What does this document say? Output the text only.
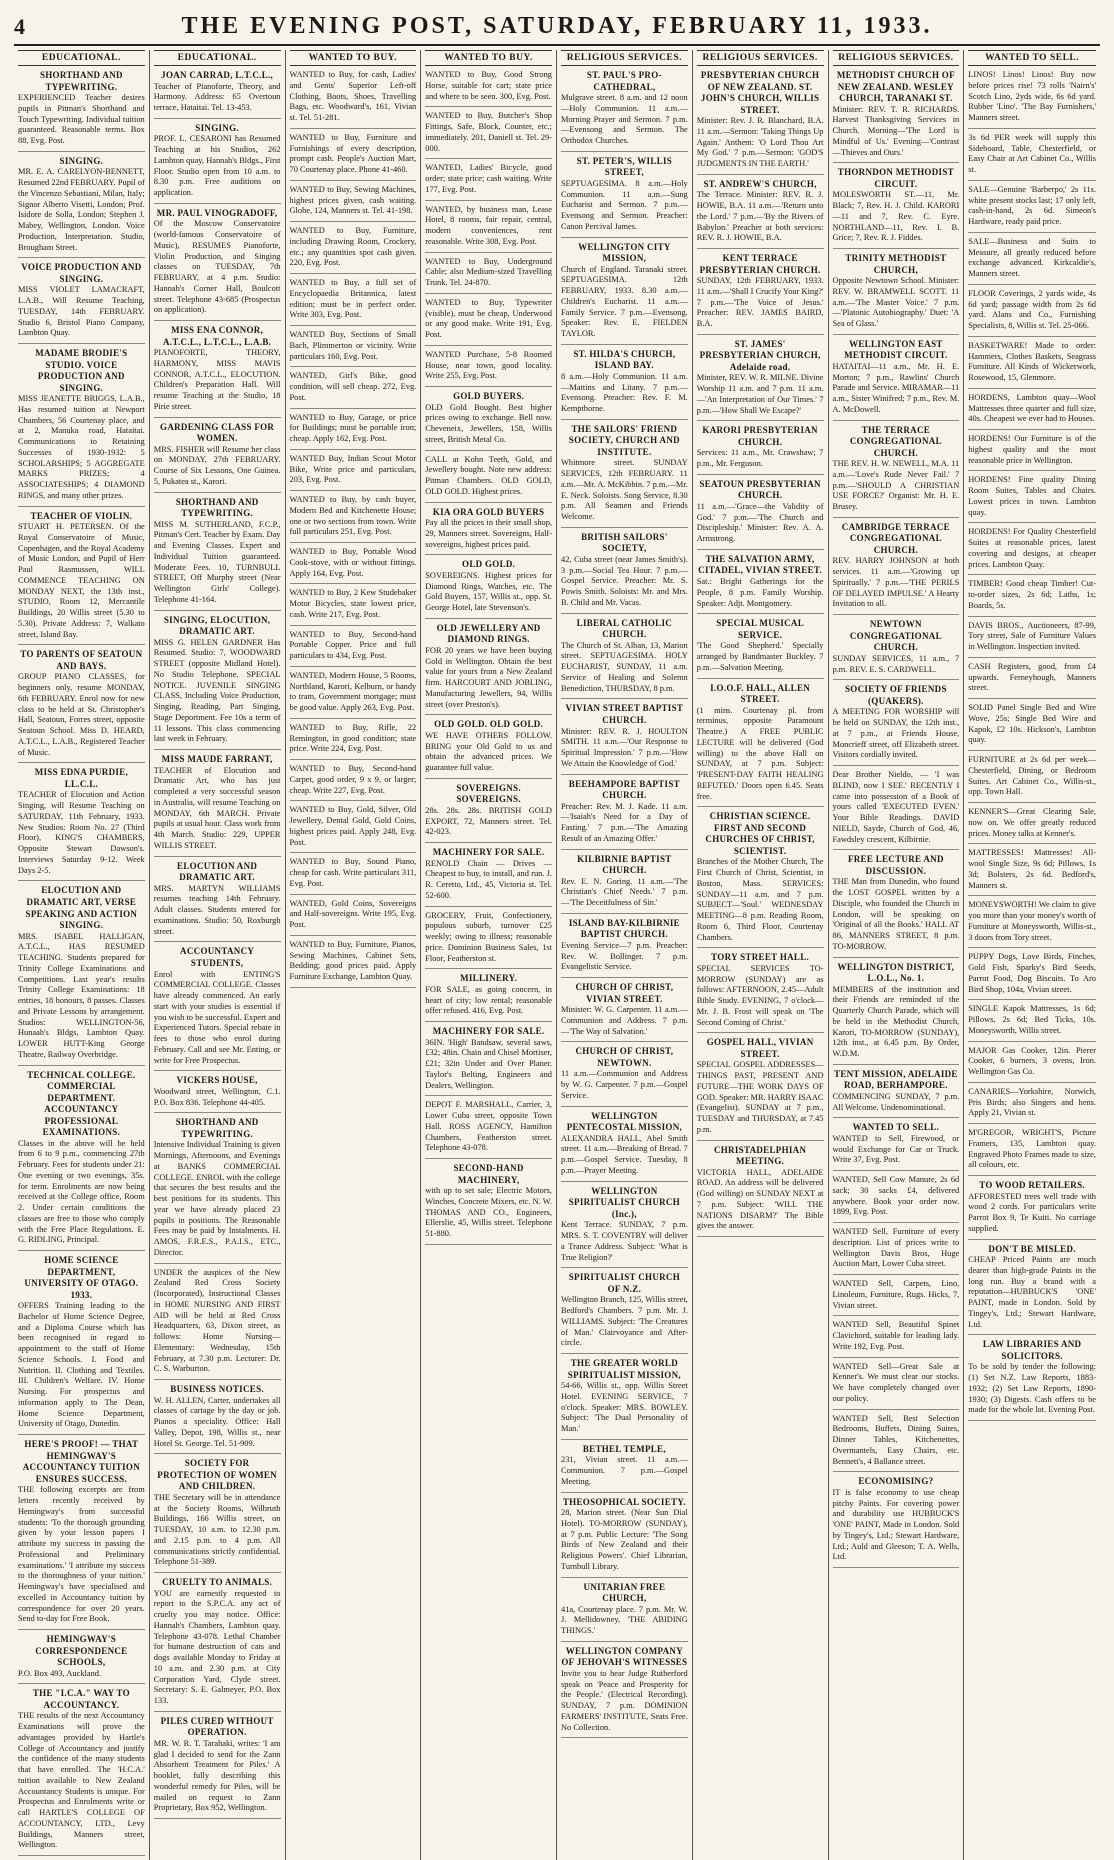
4	THE EVENING POST, SATURDAY, FEBRUARY 11, 1933.
EDUCATIONAL.
SHORTHAND AND TYPEWRITING.
EXPERIENCED Teacher desires pupils in Pitman's Shorthand and Touch Typewriting. Individual tuition guaranteed. Reasonable terms. Box 88, Evg. Post.
SINGING.
MR. E. A. CARELYON-BENNETT, Resumed 22nd FEBRUARY. Pupil of the Vincenzo Sebastiani, Milan, Italy; Signor Alberto Visetti, London; Prof. Isidore de Solla, London; Stephen J. Mabey, Wellington, London. Voice Production, Interpretation. Studio, Brougham Street.
VOICE PRODUCTION AND SINGING.
MISS VIOLET LAMACRAFT, L.A.B., Will Resume Teaching, TUESDAY, 14th FEBRUARY. Studio 6, Bristol Piano Company, Lambton Quay.
MADAME BRODIE'S STUDIO. VOICE PRODUCTION AND SINGING.
MISS JEANETTE BRIGGS, L.A.B., Has resumed tuition at Newport Chambers, 56 Courtenay place, and at 2, Manuka road, Hataitai. Communications to Retaining Successes of 1930-1932: 5 SCHOLARSHIPS; 5 AGGREGATE MARKS PRIZES; 4 ASSOCIATESHIPS; 4 DIAMOND RINGS, and many other prizes.
TEACHER OF VIOLIN.
STUART H. PETERSEN. Of the Royal Conservatoire of Music, Copenhagen, and the Royal Academy of Music London, and Pupil of Herr Paul Rasmussen, WILL COMMENCE TEACHING ON MONDAY NEXT, the 13th inst., STUDIO, Room 12, Mercantile Buildings, 20 Willis street (5.30 to 5.30). Private Address: 7, Walkato street, Island Bay.
TO PARENTS OF SEATOUN AND BAYS.
GROUP PIANO CLASSES, for beginners only, resume MONDAY, 6th FEBRUARY. Enrol now for new class to be held at St. Christopher's Hall, Seatoun, Forres street, opposite Seatoun School. Miss D. HEARD, A.T.C.L., L.A.B., Registered Teacher of Music.
MISS EDNA PURDIE, LL.C.L.
TEACHER of Elocution and Action Singing, will Resume Teaching on SATURDAY, 11th February, 1933. New Studios: Room No. 27 (Third Floor), KING'S CHAMBERS, Opposite Stewart Dawson's. Interviews Saturday 9-12. Week Days 2-5.
ELOCUTION AND DRAMATIC ART, VERSE SPEAKING AND ACTION SINGING.
MRS. ISABEL HALLIGAN, A.T.C.L., HAS RESUMED TEACHING. Students prepared for Trinity College Examinations and Competitions. Last year's results Trinity College Examinations: 18 entries, 18 honours, 8 passes. Classes and Private Lessons by arrangement. Studios: WELLINGTON-56, Hunaah's Bldgs, Lambton Quay. LOWER HUTT-King George Theatre, Railway Overbridge.
TECHNICAL COLLEGE. COMMERCIAL DEPARTMENT. ACCOUNTANCY PROFESSIONAL EXAMINATIONS.
Classes in the above will be held from 6 to 9 p.m., commencing 27th February. Fees for students under 21: One evening or two evenings, 35s. for term. Enrolments are now being received at the College office, Room 2. Under certain conditions the classes are free to those who comply with the Free Place Regulations. E. G. RIDLING, Principal.
HOME SCIENCE DEPARTMENT, UNIVERSITY OF OTAGO. 1933.
OFFERS Training leading to the Bachelor of Home Science Degree, and a Diploma Course which has been recognised in regard to appointment to the staff of Home Science Schools. I. Food and Nutrition. II. Clothing and Textiles. III. Children's Welfare. IV. Home Nursing. For prospectus and information apply to The Dean, Home Science Department, University of Otago, Dunedin.
HERE'S PROOF! — THAT HEMINGWAY'S ACCOUNTANCY TUITION ENSURES SUCCESS.
THE following excerpts are from letters recently received by Hemingway's from successful students: 'To the thorough grounding given by your lesson papers I attribute my success in passing the Professional and Preliminary examinations.' 'I attribute my success to the thoroughness of your tuition.' Hemingway's have specialised and excelled in Accountancy tuition by correspondence for over 20 years. Send to-day for Free Book.
HEMINGWAY'S CORRESPONDENCE SCHOOLS,
P.O. Box 493, Auckland.
THE "I.C.A." WAY TO ACCOUNTANCY.
THE results of the next Accountancy Examinations will prove the advantages provided by Hartle's College of Accountancy and justify the confidence of the many students that have enrolled. The 'H.C.A.' tuition available to New Zealand Accountancy Students is unique. For Prospectus and Enrolments write or call HARTLE'S COLLEGE OF ACCOUNTANCY, LTD., Levy Buildings, Manners street, Wellington.
EDUCATIONAL.
JOAN CARRAD, L.T.C.L.,
Teacher of Pianoforte, Theory, and Harmony. Address: 65 Overtoun terrace, Hataitai. Tel. 13-453.
SINGING.
PROF. L. CESARONI has Resumed Teaching at his Studios, 262 Lambton quay, Hannah's Bldgs., First Floor. Studio open from 10 a.m. to 8.30 p.m. Free auditions on application.
MR. PAUL VINOGRADOFF,
Of the Moscow Conservatoire (world-famous Conservatoire of Music), RESUMES Pianoforte, Violin Production, and Singing classes on TUESDAY, 7th FEBRUARY, at 4 p.m. Studio: Hannah's Corner Hall, Boulcott street. Telephone 43-685 (Prospectus on application).
MISS ENA CONNOR, A.T.C.L., L.T.C.L., L.A.B.
PIANOFORTE, THEORY, HARMONY, MISS MAVIS CONNOR, A.T.C.L., ELOCUTION. Children's Preparation Hall. Will resume Teaching at the Studio, 18 Pirie street.
GARDENING CLASS FOR WOMEN.
MRS. FISHER will Resume her class on MONDAY, 27th FEBRUARY. Course of Six Lessons, One Guinea. 5, Pukatea st., Karori.
SHORTHAND AND TYPEWRITING.
MISS M. SUTHERLAND, F.C.P., Pitman's Cert. Teacher by Exam. Day and Evening Classes. Expert and Individual Tuition guaranteed. Moderate Fees. 10, TURNBULL STREET, Off Murphy street (Near Wellington Girls' College). Telephone 41-164.
SINGING, ELOCUTION, DRAMATIC ART.
MISS G. HELEN GARDNER Has Resumed. Studio: 7, WOODWARD STREET (opposite Midland Hotel). No Studio Telephone. SPECIAL NOTICE. JUVENILE SINGING CLASS, Including Voice Production, Singing, Reading, Part Singing, Stage Deportment. Fee 10s a term of 11 lessons. This class commencing last week in February.
MISS MAUDE FARRANT,
TEACHER of Elocution and Dramatic Art, who has just completed a very successful season in Australia, will resume Teaching on MONDAY, 6th MARCH. Private pupils at usual hour. Class work from 4th March. Studio: 229, UPPER WILLIS STREET.
ELOCUTION AND DRAMATIC ART.
MRS. MARTYN WILLIAMS resumes teaching 14th February. Adult classes. Students entered for examinations. Studio: 50, Roxburgh street.
ACCOUNTANCY STUDENTS,
Enrol with ENTING'S COMMERCIAL COLLEGE. Classes have already commenced. An early start with your studies is essential if you wish to be successful. Expert and Experienced Tutors. Special rebate in fees to those who enrol during February. Call and see Mr. Enting, or write for Free Prospectus.
VICKERS HOUSE,
Woodward street, Wellington, C.1. P.O. Box 836. Telephone 44-405.
SHORTHAND AND TYPEWRITING.
Intensive Individual Training is given Mornings, Afternoons, and Evenings at BANKS COMMERCIAL COLLEGE. ENROL with the college that secures the best results and the best positions for its students. This year we have already placed 23 pupils in positions. The Reasonable Fees may be paid by Instalments. H. AMOS, F.R.E.S., P.A.I.S., ETC., Director.
UNDER the auspices of the New Zealand Red Cross Society (Incorporated), Instructional Classes in HOME NURSING AND FIRST AID will be held at Red Cross Headquarters, 63, Dixon street, as follows: Home Nursing—Elementary: Wednesday, 15th February, at 7.30 p.m. Lecturer: Dr. C. S. Warburton.
BUSINESS NOTICES.
W. H. ALLEN, Carter, undertakes all classes of cartage by the day or job. Pianos a speciality. Office: Hall Valley, Depot, 198, Willis st., near Hotel St. George. Tel. 51-909.
SOCIETY FOR PROTECTION OF WOMEN AND CHILDREN.
THE Secretary will be in attendance at the Society Rooms, Wilbruth Buildings, 166 Willis street, on TUESDAY, 10 a.m. to 12.30 p.m. and 2.15 p.m. to 4 p.m. All communications strictly confidential. Telephone 51-389.
CRUELTY TO ANIMALS.
YOU are earnestly requested to report to the S.P.C.A. any act of cruelty you may notice. Office: Hannah's Chambers, Lambton quay. Telephone 43-078. Lethal Chamber for humane destruction of cats and dogs available Monday to Friday at 10 a.m. and 2.30 p.m. at City Corporation Yard, Clyde street. Secretary: S. E. Galmeyer, P.O. Box 133.
PILES CURED WITHOUT OPERATION.
MR. W. R. T. Tarahaki, writes: 'I am glad I decided to send for the Zann Absorbent Treatment for Piles.' A booklet, fully describing this wonderful remedy for Piles, will be mailed on request to Zann Proprietary, Box 952, Wellington.
WANTED TO BUY.
WANTED to Buy, for cash, Ladies' and Gents' Superior Left-off Clothing, Boots, Shoes, Travelling Bags, etc. Woodward's, 161, Vivian st. Tel. 51-281.
WANTED to Buy, Furniture and Furnishings of every description, prompt cash. People's Auction Mart, 70 Courtenay place. Phone 41-460.
WANTED to Buy, Sewing Machines, highest prices given, cash waiting. Globe, 124, Manners st. Tel. 41-198.
WANTED to Buy, Furniture, including Drawing Room, Crockery, etc.; any quantities spot cash given. 220, Evg. Post.
WANTED to Buy, a full set of Encyclopaedia Britannica, latest edition; must be in perfect order. Write 303, Evg. Post.
WANTED Buy, Sections of Small Bach, Plimmerton or vicinity. Write particulars 160, Evg. Post.
WANTED, Girl's Bike, good condition, will sell cheap. 272, Evg. Post.
WANTED to Buy, Garage, or price for Buildings; must be portable iron; cheap. Apply 162, Evg. Post.
WANTED Buy, Indian Scout Motor Bike, Write price and particulars, 203, Evg. Post.
WANTED to Buy, by cash buyer, Modern Bed and Kitchenette House; one or two sections from town. Write full particulars 251, Evg. Post.
WANTED to Buy, Portable Wood Cook-stove, with or without fittings. Apply 164, Evg. Post.
WANTED to Buy, 2 Kew Studebaker Motor Bicycles, state lowest price, cash. Write 217, Evg. Post.
WANTED to Buy, Second-hand Portable Copper. Price and full particulars to 434, Evg. Post.
WANTED, Modern House, 5 Rooms, Northland, Karori, Kelburn, or handy to tram, Government mortgage; must be good value. Apply 263, Evg. Post.
WANTED to Buy, Rifle, 22 Remington, in good condition; state price. Write 224, Evg. Post.
WANTED to Buy, Second-hand Carpet, good order, 9 x 9, or larger; cheap. Write 227, Evg. Post.
WANTED to Buy, Gold, Silver, Old Jewellery, Dental Gold, Gold Coins, highest prices paid. Apply 248, Evg. Post.
WANTED to Buy, Sound Piano, cheap for cash. Write particulars 311, Evg. Post.
WANTED, Gold Coins, Sovereigns and Half-sovereigns. Write 195, Evg. Post.
WANTED to Buy, Furniture, Pianos, Sewing Machines, Cabinet Sets, Bedding; good prices paid. Apply Furniture Exchange, Lambton Quay.
WANTED TO BUY.
WANTED to Buy, Good Strong Horse, suitable for cart; state price and where to be seen. 300, Evg. Post.
WANTED to Buy, Butcher's Shop Fittings, Safe, Block, Counter, etc.; immediately. 201, Daniell st. Tel. 29-000.
WANTED, Ladies' Bicycle, good order; state price; cash waiting. Write 177, Evg. Post.
WANTED, by business man, Lease Hotel, 8 rooms, fair repair, central, modern conveniences, rent reasonable. Write 308, Evg. Post.
WANTED to Buy, Underground Cable; also Medium-sized Travelling Trunk. Tel. 24-870.
WANTED to Buy, Typewriter (visible), must be cheap, Underwood or any good make. Write 191, Evg. Post.
WANTED Purchase, 5-8 Roomed House, near town, good locality. Write 255, Evg. Post.
GOLD BUYERS.
OLD Gold Bought. Best higher prices owing to exchange. Bell now. Cheveneix, Jewellers, 158, Willis street, British Metal Co.
CALL at Kohn Teeth, Gold, and Jewellery bought. Note new address: Pitman Chambers. OLD GOLD, OLD GOLD. Highest prices.
KIA ORA GOLD BUYERS
Pay all the prices in their small shop, 29, Manners street. Sovereigns, Half-sovereigns, highest prices paid.
OLD GOLD.
SOVEREIGNS. Highest prices for Diamond Rings, Watches, etc. The Gold Buyers, 157, Willis st., opp. St. George Hotel, late Stevenson's.
OLD JEWELLERY AND DIAMOND RINGS.
FOR 20 years we have been buying Gold in Wellington. Obtain the best value for yours from a New Zealand firm. HARCOURT AND JOBLING, Manufacturing Jewellers, 94, Willis street (over Preston's).
OLD GOLD. OLD GOLD.
WE HAVE OTHERS FOLLOW. BRING your Old Gold to us and obtain the advanced prices. We guarantee full value.
SOVEREIGNS. SOVEREIGNS.
28s. 28s. 28s. BRITISH GOLD EXPORT, 72, Manners street. Tel. 42-023.
MACHINERY FOR SALE.
RENOLD Chain — Drives — Cheapest to buy, to install, and run. J. R. Ceretto, Ltd., 45, Victoria st. Tel. 52-600.
GROCERY, Fruit, Confectionery, populous suburb, turnover £25 weekly; owing to illness; reasonable price. Dominion Business Sales, 1st Floor, Featherston st.
MILLINERY.
FOR SALE, as going concern, in heart of city; low rental; reasonable offer refused. 416, Evg. Post.
MACHINERY FOR SALE.
36IN. 'High' Bandsaw, several saws, £32; 48in. Chain and Chisel Mortiser, £21; 32in Under and Over Planer. Taylor's Belting, Engineers and Dealers, Wellington.
DEPOT F. MARSHALL, Carrier, 3, Lower Cuba street, opposite Town Hall. ROSS AGENCY, Hamilton Chambers, Featherston street. Telephone 43-078.
SECOND-HAND MACHINERY,
with up to set sale; Electric Motors, Winches, Concrete Mixers, etc. N. W. THOMAS AND CO., Engineers, Ellerslie, 45, Willis street. Telephone 51-880.
RELIGIOUS SERVICES.
ST. PAUL'S PRO-CATHEDRAL,
Mulgrave street. 8 a.m. and 12 noon—Holy Communion. 11 a.m.—Morning Prayer and Sermon. 7 p.m.—Evensong and Sermon. The Orthodox Churches.
ST. PETER'S, WILLIS STREET,
SEPTUAGESIMA. 8 a.m.—Holy Communion. 11 a.m.—Sung Eucharist and Sermon. 7 p.m.—Evensong and Sermon. Preacher: Canon Percival James.
WELLINGTON CITY MISSION,
Church of England. Taranaki street. SEPTUAGESIMA. 12th FEBRUARY, 1933. 8.30 a.m.—Children's Eucharist. 11 a.m.—Family Service. 7 p.m.—Evensong. Speaker: Rev. E. FIELDEN TAYLOR.
ST. HILDA'S CHURCH, ISLAND BAY.
8 a.m.—Holy Communion. 11 a.m.—Mattins and Litany. 7 p.m.—Evensong. Preacher: Rev. F. M. Kempthorne.
THE SAILORS' FRIEND SOCIETY, CHURCH AND INSTITUTE.
Whitmore street. SUNDAY SERVICES, 12th FEBRUARY. 11 a.m.—Mr. A. McKibbin. 7 p.m.—Mr. E. Neck. Soloists. Song Service, 8.30 p.m. All Seamen and Friends Welcome.
BRITISH SAILORS' SOCIETY,
42, Cuba street (near James Smith's). 3 p.m.—Social Tea Hour. 7 p.m.—Gospel Service. Preacher: Mr. S. Powis Smith. Soloists: Mr. and Mrs. B. Child and Mr. Vacas.
LIBERAL CATHOLIC CHURCH.
The Church of St. Alban, 13, Marion street. SEPTUAGESIMA. HOLY EUCHARIST, SUNDAY, 11 a.m. Service of Healing and Solemn Benediction, THURSDAY, 8 p.m.
VIVIAN STREET BAPTIST CHURCH.
Minister: REV. R. J. HOULTON SMITH. 11 a.m.—'Our Response to Spiritual Impression.' 7 p.m.—'How We Attain the Knowledge of God.'
BEEHAMPORE BAPTIST CHURCH.
Preacher: Rev. M. J. Kade. 11 a.m.—'Isaiah's Need for a Day of Fasting.' 7 p.m.—'The Amazing Result of an Amazing Offer.'
KILBIRNIE BAPTIST CHURCH.
Rev. E. N. Goring. 11 a.m.—'The Christian's Chief Needs.' 7 p.m.—'The Deceitfulness of Sin.'
ISLAND BAY-KILBIRNIE BAPTIST CHURCH.
Evening Service—7 p.m. Preacher: Rev. W. Bollinger. 7 p.m. Evangelistic Service.
CHURCH OF CHRIST, VIVIAN STREET.
Minister: W. G. Carpenter. 11 a.m.—Communion and Address. 7 p.m.—'The Way of Salvation.'
CHURCH OF CHRIST, NEWTOWN.
11 a.m.—Communion and Address by W. G. Carpenter. 7 p.m.—Gospel Service.
WELLINGTON PENTECOSTAL MISSION,
ALEXANDRA HALL, Abel Smith street. 11 a.m.—Breaking of Bread. 7 p.m.—Gospel Service. Tuesday, 8 p.m.—Prayer Meeting.
WELLINGTON SPIRITUALIST CHURCH (Inc.),
Kent Terrace. SUNDAY, 7 p.m. MRS. S. T. COVENTRY will deliver a Trance Address. Subject: 'What is True Religion?'
SPIRITUALIST CHURCH OF N.Z.
Wellington Branch, 125, Willis street, Bedford's Chambers. 7 p.m. Mr. J. WILLIAMS. Subject: 'The Creatures of Man.' Clairvoyance and After-circle.
THE GREATER WORLD SPIRITUALIST MISSION,
54-66, Willis st., opp. Willis Street Hotel. EVENING SERVICE, 7 o'clock. Speaker: MRS. BOWLEY. Subject: 'The Dual Personality of Man.'
BETHEL TEMPLE,
231, Vivian street. 11 a.m.—Communion. 7 p.m.—Gospel Meeting.
THEOSOPHICAL SOCIETY.
28, Marion street. (Near Sun Dial Hotel). TO-MORROW (SUNDAY), at 7 p.m. Public Lecture: 'The Song Birds of New Zealand and their Religious Powers'. Chief Librarian, Turnbull Library.
UNITARIAN FREE CHURCH,
41a, Courtenay place. 7 p.m. Mr. W. J. Mellidowney, 'THE ABIDING THINGS.'
WELLINGTON COMPANY OF JEHOVAH'S WITNESSES
Invite you to hear Judge Rutherford speak on 'Peace and Prosperity for the People.' (Electrical Recording). SUNDAY, 7 p.m. DOMINION FARMERS' INSTITUTE, Seats Free. No Collection.
RELIGIOUS SERVICES.
PRESBYTERIAN CHURCH OF NEW ZEALAND. ST. JOHN'S CHURCH, WILLIS STREET.
Minister: Rev. J. R. Blanchard, B.A. 11 a.m.—Sermon: 'Taking Things Up Again.' Anthem: 'O Lord Thou Art My God.' 7 p.m.—Sermon: 'GOD'S JUDGMENTS IN THE EARTH.'
ST. ANDREW'S CHURCH,
The Terrace. Minister: REV. R. J. HOWIE, B.A. 11 a.m.—'Return unto the Lord.' 7 p.m.—'By the Rivers of Babylon.' Preacher at both services: REV. R. J. HOWIE, B.A.
KENT TERRACE PRESBYTERIAN CHURCH.
SUNDAY, 12th FEBRUARY, 1933. 11 a.m.—'Shall I Crucify Your King?' 7 p.m.—'The Voice of Jesus.' Preacher: REV. JAMES BAIRD, B.A.
ST. JAMES' PRESBYTERIAN CHURCH, Adelaide road.
Minister, REV. W. R. MILNE. Divine Worship 11 a.m. and 7 p.m. 11 a.m.—'An Interpretation of Our Times.' 7 p.m.—'How Shall We Escape?'
KARORI PRESBYTERIAN CHURCH.
Services: 11 a.m., Mr. Crawshaw; 7 p.m., Mr. Ferguson.
SEATOUN PRESBYTERIAN CHURCH.
11 a.m.—'Grace—the Validity of God.' 7 p.m.—'The Church and Discipleship.' Minister: Rev. A. A. Armstrong.
THE SALVATION ARMY, CITADEL, VIVIAN STREET.
Sat.: Bright Gatherings for the People, 8 p.m. Family Worship. Speaker: Adjt. Montgomery.
SPECIAL MUSICAL SERVICE.
'The Good Shepherd.' Specially arranged by Bandmaster Buckley. 7 p.m.—Salvation Meeting.
I.O.O.F. HALL, ALLEN STREET.
(1 mins. Courtenay pl. from terminus, opposite Paramount Theatre.) A FREE PUBLIC LECTURE will be delivered (God willing) to the above Hall on SUNDAY, at 7 p.m. Subject: 'PRESENT-DAY FAITH HEALING REFUTED.' Doors open 6.45. Seats free.
CHRISTIAN SCIENCE. FIRST AND SECOND CHURCHES OF CHRIST, SCIENTIST.
Branches of the Mother Church, The First Church of Christ, Scientist, in Boston, Mass. SERVICES: SUNDAY—11 a.m. and 7 p.m. SUBJECT—'Soul.' WEDNESDAY MEETING—8 p.m. Reading Room, Room 6, Third Floor, Courtenay Chambers.
TORY STREET HALL.
SPECIAL SERVICES TO-MORROW (SUNDAY) are as follows: AFTERNOON, 2.45—Adult Bible Study. EVENING, 7 o'clock—Mr. J. B. Frost will speak on 'The Second Coming of Christ.'
GOSPEL HALL, VIVIAN STREET.
SPECIAL GOSPEL ADDRESSES—THINGS PAST, PRESENT AND FUTURE—THE WORK DAYS OF GOD. Speaker: MR. HARRY ISAAC (Evangelist). SUNDAY at 7 p.m., TUESDAY and THURSDAY, at 7.45 p.m.
CHRISTADELPHIAN MEETING.
VICTORIA HALL, ADELAIDE ROAD. An address will be delivered (God willing) on SUNDAY NEXT at 7 p.m. Subject: 'WILL THE NATIONS DISARM?' The Bible gives the answer.
RELIGIOUS SERVICES.
METHODIST CHURCH OF NEW ZEALAND. WESLEY CHURCH, TARANAKI ST.
Minister: REV. T. R. RICHARDS. Harvest Thanksgiving Services in Church. Morning—'The Lord is Mindful of Us.' Evening—'Contrast—Thieves and Ours.'
THORNDON METHODIST CIRCUIT.
MOLESWORTH ST.—11, Mr. Black; 7, Rev. H. J. Child. KARORI—11 and 7, Rev. C. Eyre. NORTHLAND—11, Rev. I. B. Grice; 7, Rev. R. J. Fiddes.
TRINITY METHODIST CHURCH,
Opposite Newtown School. Minister: REV. W. BRAMWELL SCOTT. 11 a.m.—'The Master Voice.' 7 p.m.—'Platonic Autobiography.' Duet: 'A Sea of Glass.'
WELLINGTON EAST METHODIST CIRCUIT.
HATAITAI—11 a.m., Mr. H. E. Morton; 7 p.m., Rawlins' Church Parade and Service. MIRAMAR—11 a.m., Sister Winifred; 7 p.m., Rev. M. A. McDowell.
THE TERRACE CONGREGATIONAL CHURCH.
THE REV. H. W. NEWELL, M.A. 11 a.m.—'Love's Rude Never Fail.' 7 p.m.—'SHOULD A CHRISTIAN USE FORCE?' Organist: Mr. H. E. Brusey.
CAMBRIDGE TERRACE CONGREGATIONAL CHURCH.
REV. HARRY JOHNSON at both services. 11 a.m.—'Growing up Spiritually.' 7 p.m.—'THE PERILS OF DELAYED IMPULSE.' A Hearty Invitation to all.
NEWTOWN CONGREGATIONAL CHURCH.
SUNDAY SERVICES, 11 a.m., 7 p.m. REV. E. S. CARDWELL.
SOCIETY OF FRIENDS (QUAKERS).
A MEETING FOR WORSHIP will be held on SUNDAY, the 12th inst., at 7 p.m., at Friends House, Moncrieff street, off Elizabeth street. Visitors cordially invited.
Dear Brother Nieldo, — 'I was BLIND, now I SEE.' RECENTLY I came into possession of a Book of yours called 'EXECUTED EVEN.' Your Bible Readings. DAVID NIELD, Sayde, Church of God, 46, Fawdsley crescent, Kilbirnie.
FREE LECTURE AND DISCUSSION.
THE Man from Dunedin, who found the LOST GOSPEL written by a Disciple, who founded the Church in London, will be speaking on 'Original of all the Books.' HALL AT 86, MANNERS STREET, 8 p.m. TO-MORROW.
WELLINGTON DISTRICT, L.O.L., No. 1.
MEMBERS of the institution and their Friends are reminded of the Quarterly Church Parade, which will be held in the Methodist Church, Karori, TO-MORROW (SUNDAY), 12th inst., at 6.45 p.m. By Order, W.D.M.
TENT MISSION, ADELAIDE ROAD, BERHAMPORE.
COMMENCING SUNDAY, 7 p.m. All Welcome. Undenominational.
WANTED TO SELL.
WANTED to Sell, Firewood, or would Exchange for Car or Truck. Write 37, Evg. Post.
WANTED, Sell Cow Manure, 2s 6d sack; 30 sacks £4, delivered anywhere. Book your order now. 1899, Evg. Post.
WANTED Sell, Furniture of every description. List of prices write to Wellington Davis Bros, Huge Auction Mart, Lower Cuba street.
WANTED Sell, Carpets, Lino, Linoleum, Furniture, Rugs. Hicks, 7, Vivian street.
WANTED Sell, Beautiful Spinet Clavichord, suitable for leading lady. Write 192, Evg. Post.
WANTED Sell—Great Sale at Kenner's. We must clear our stocks. We have completely changed over our policy.
WANTED Sell, Best Selection Bedrooms, Buffets, Dining Suites, Dinner Tables, Kitchenettes, Overmantels, Easy Chairs, etc. Bennett's, 4 Ballance street.
ECONOMISING?
IT is false economy to use cheap pitchy Paints. For covering power and durability use HUBBUCK'S 'ONE' PAINT, Made in London. Sold by Tingey's, Ltd.; Stewart Hardware, Ltd.; Auld and Gleeson; T. A. Wells, Ltd.
WANTED TO SELL.
LINOS! Linos! Linos! Buy now before prices rise! 73 rolls 'Nairn's' Scotch Lino, 2yds wide, 6s 6d yard. Rubber 'Lino'. 'The Bay Furnishers,' Manners street.
3s 6d PER week will supply this Sideboard, Table, Chesterfield, or Easy Chair at Art Cabinet Co., Willis st.
SALE—Genuine 'Barberpo,' 2s 11s. white present stocks last; 17 only left, cash-in-hand, 2s 6d. Simeon's Hardware, ready paid price.
SALE—Business and Suits to Measure, all greatly reduced before exchange advanced. Kirkcaldie's, Manners street.
FLOOR Coverings, 2 yards wide, 4s 6d yard; passage width from 2s 6d yard. Alans and Co., Furnishing Specialists, 8, Willis st. Tel. 25-066.
BASKETWARE! Made to order: Hammers, Clothes Baskets, Seagrass Furniture. All Kinds of Wickerwork, Rosewood, 15, Glenmore.
HORDENS, Lambton quay—Wool Mattresses three quarter and full size, 40s. Cheapest we ever had to Houses.
HORDENS! Our Furniture is of the highest quality and the most reasonable price in Wellington.
HORDENS! Fine quality Dining Room Suites, Tables and Chairs. Lowest prices in town. Lambton quay.
HORDENS! For Quality Chesterfield Suites at reasonable prices, latest covering and designs, at cheaper prices. Lambton Quay.
TIMBER! Good cheap Timber! Cut-to-order sizes, 2s 6d; Laths, 1s; Boards, 5s.
DAVIS BROS., Auctioneers, 87-99, Tory street, Sale of Furniture Values in Wellington. Inspection invited.
CASH Registers, good, from £4 upwards. Ferneyhough, Manners street.
SOLID Panel Single Bed and Wire Wove, 25s; Single Bed Wire and Kapok, £2 10s. Hickson's, Lambton quay.
FURNITURE at 2s 6d per week—Chesterfield, Dining, or Bedroom Suites. Art Cabinet Co., Willis-st., opp. Town Hall.
KENNER'S—Great Clearing Sale, now on. We offer greatly reduced prices. Money talks at Kenner's.
MATTRESSES! Mattresses! All-wool Single Size, 9s 6d; Pillows, 1s 3d; Bolsters, 2s 6d. Bedford's, Manners st.
MONEYSWORTH! We claim to give you more than your money's worth of Furniture at Moneysworth, Willis-st., 3 doors from Tory street.
PUPPY Dogs, Love Birds, Finches, Gold Fish, Sparky's Bird Seeds, Parrot Food, Dog Biscuits. To Aro Bird Shop, 104a, Vivian street.
SINGLE Kapok Mattresses, 1s 6d; Pillows, 2s 6d; Bed Ticks, 10s. Moneysworth, Willis street.
MAJOR Gas Cooker, 12in. Pierer Cooker, 6 burners, 3 ovens, Iron. Wellington Gas Co.
CANARIES—Yorkshire, Norwich, Pris Birds; also Singers and hens. Apply 21, Vivian st.
M'GREGOR, WRIGHT'S, Picture Framers, 135, Lambton quay. Engraved Photo Frames made to size, all colours, etc.
TO WOOD RETAILERS.
AFFORESTED trees well trade with wood 2 cords. For particulars write Parrot Box 9, Te Kuiti. No carriage supplied.
DON'T BE MISLED.
CHEAP Priced Paints are much dearer than high-grade Paints in the long run. Buy a brand with a reputation—HUBBUCK'S 'ONE' PAINT, made in London. Sold by Tingey's, Ltd.; Stewart Hardware, Ltd.
LAW LIBRARIES AND SOLICITORS.
To be sold by tender the following: (1) Set N.Z. Law Reports, 1883-1932; (2) Set Law Reports, 1890-1930; (3) Digests. Cash offers to be made for the whole lot. Evening Post.
